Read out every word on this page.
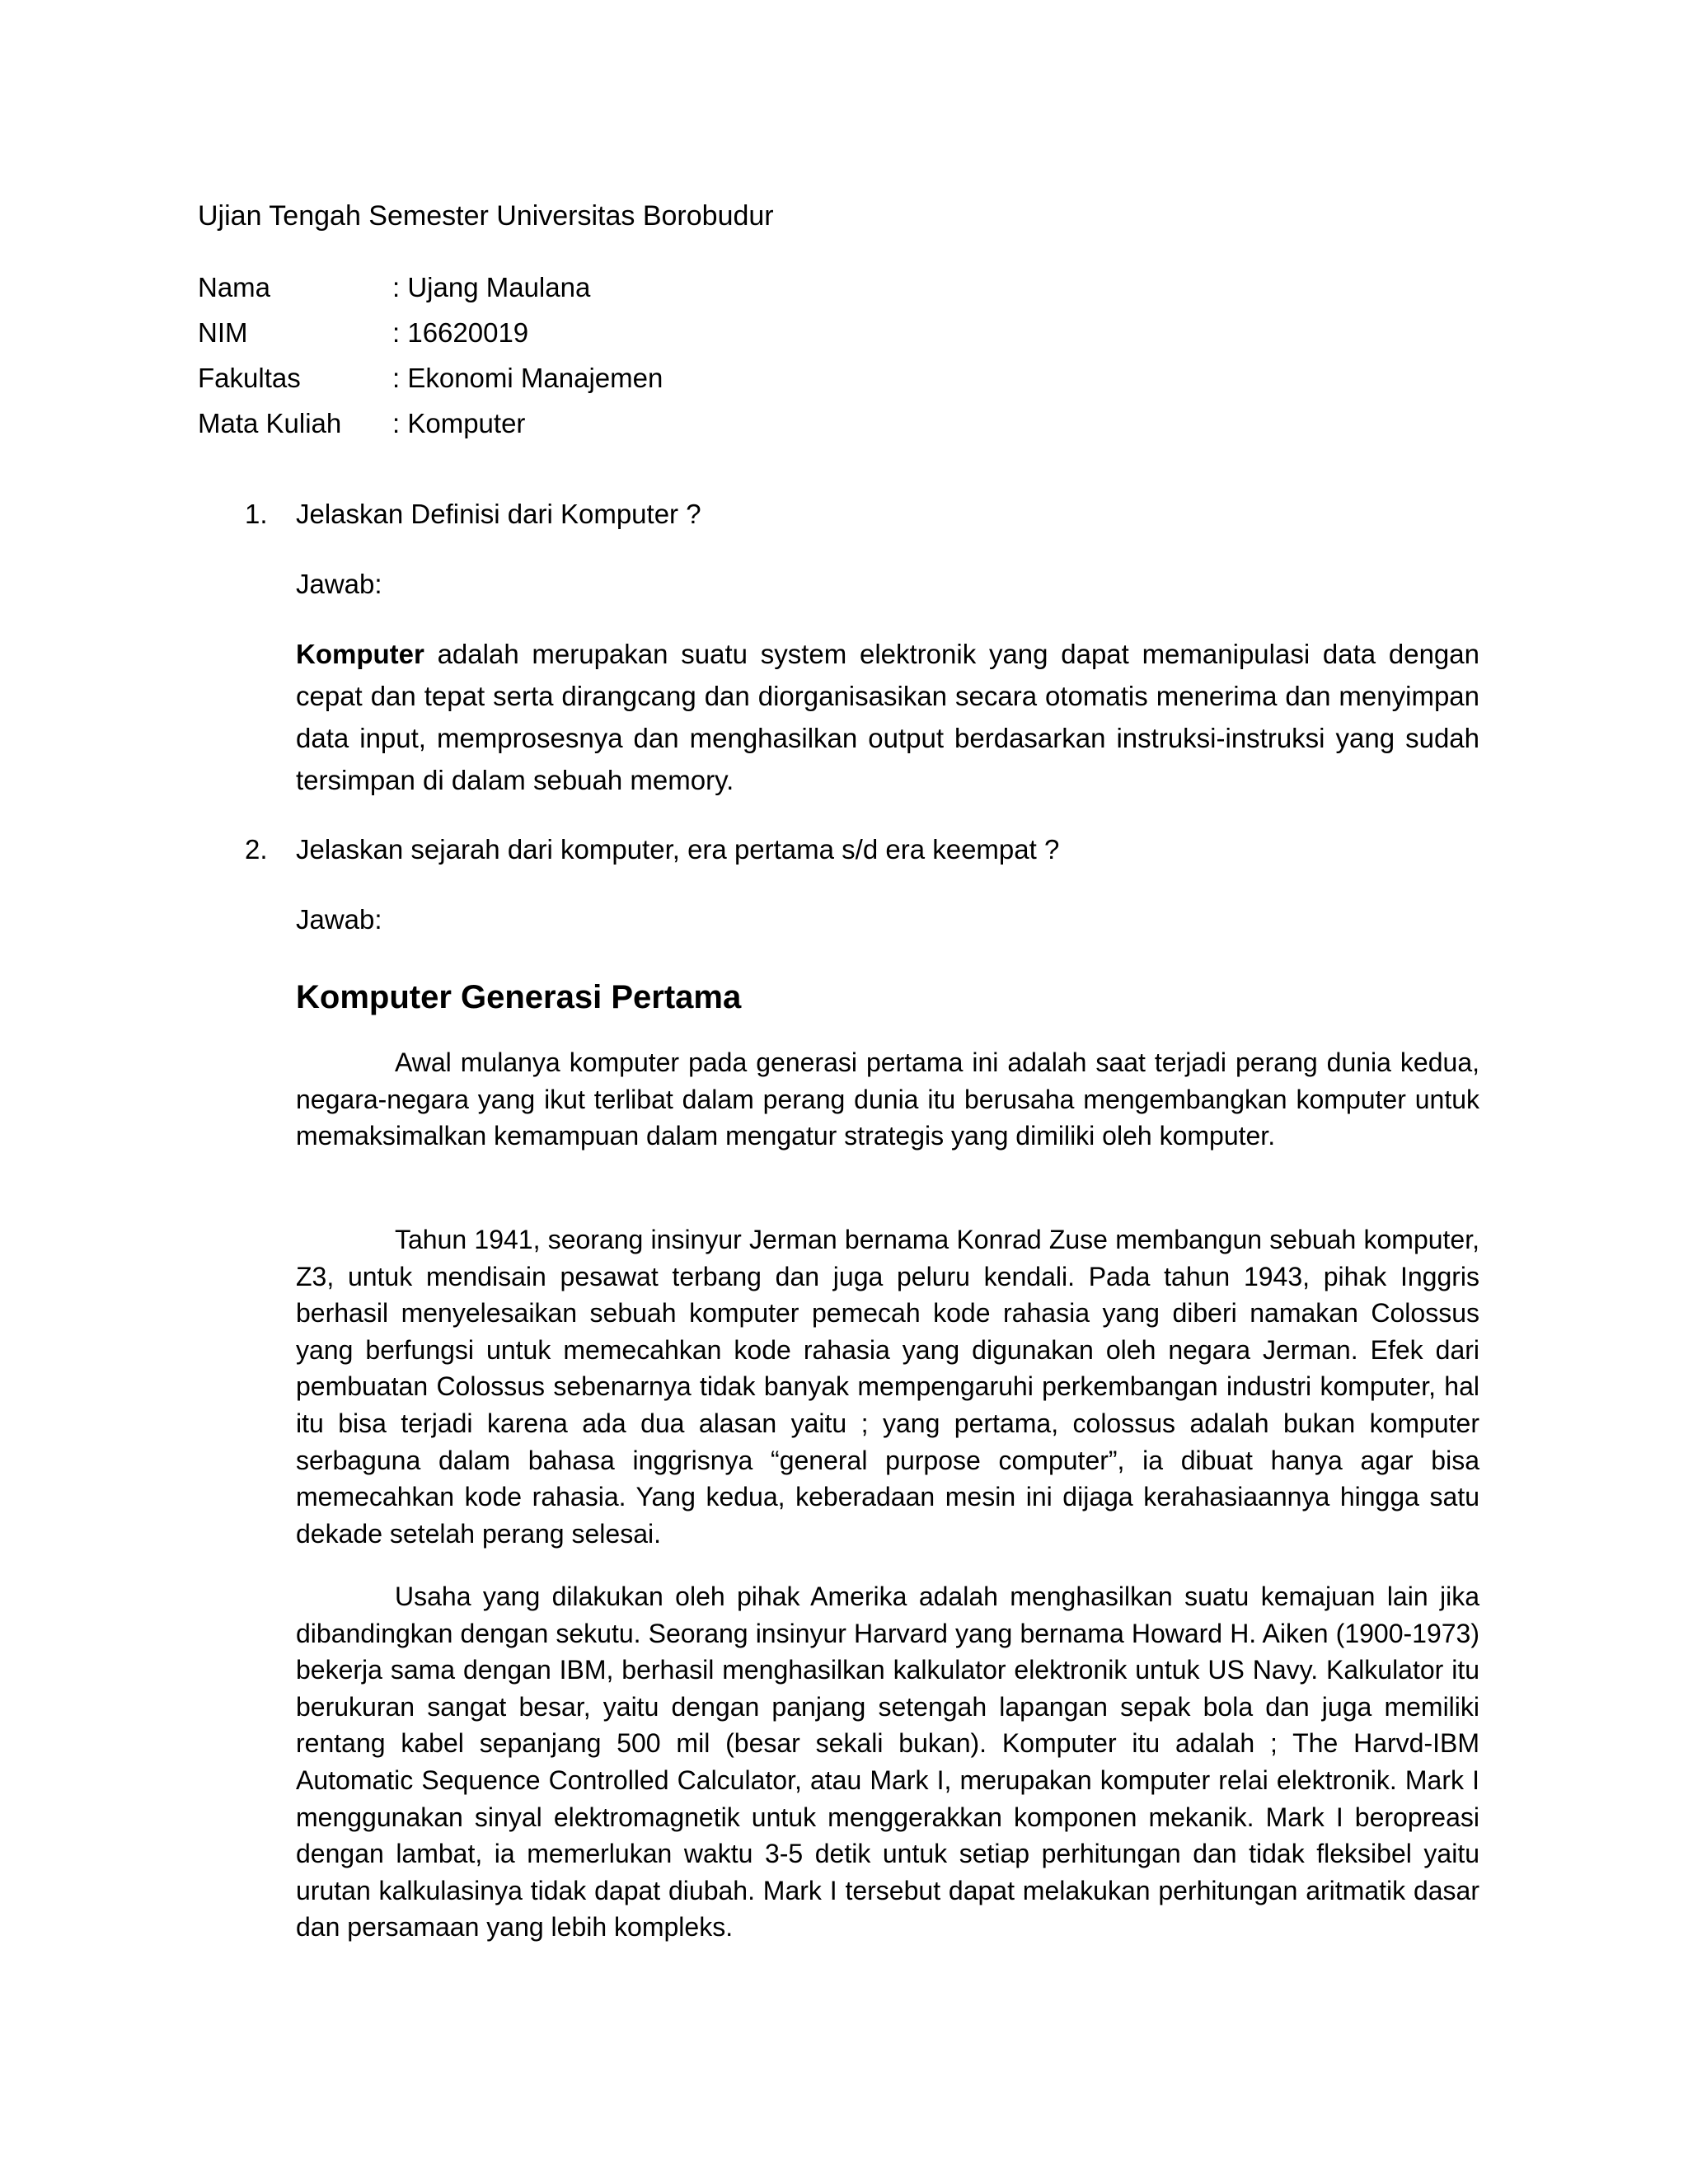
Ujian Tengah Semester Universitas Borobudur
Nama	: Ujang Maulana
NIM	: 16620019
Fakultas	: Ekonomi Manajemen
Mata Kuliah : Komputer
1. Jelaskan Definisi dari Komputer ?
Jawab:

Komputer adalah merupakan suatu system elektronik yang dapat memanipulasi data dengan cepat dan tepat serta dirangcang dan diorganisasikan secara otomatis menerima dan menyimpan data input, memprosesnya dan menghasilkan output berdasarkan instruksi-instruksi yang sudah tersimpan di dalam sebuah memory.

2. Jelaskan sejarah dari komputer, era pertama s/d era keempat ?
Jawab:
Komputer Generasi Pertama

Awal mulanya komputer pada generasi pertama ini adalah saat terjadi perang dunia kedua, negara-negara yang ikut terlibat dalam perang dunia itu berusaha mengembangkan komputer untuk memaksimalkan kemampuan dalam mengatur strategis yang dimiliki oleh komputer.

Tahun 1941, seorang insinyur Jerman bernama Konrad Zuse membangun sebuah komputer, Z3, untuk mendisain pesawat terbang dan juga peluru kendali. Pada tahun 1943, pihak Inggris berhasil menyelesaikan sebuah komputer pemecah kode rahasia yang diberi namakan Colossus yang berfungsi untuk memecahkan kode rahasia yang digunakan oleh negara Jerman. Efek dari pembuatan Colossus sebenarnya tidak banyak mempengaruhi perkembangan industri komputer, hal itu bisa terjadi karena ada dua alasan yaitu ; yang pertama, colossus adalah bukan komputer serbaguna dalam bahasa inggrisnya “general purpose computer”, ia dibuat hanya agar bisa memecahkan kode rahasia. Yang kedua, keberadaan mesin ini dijaga kerahasiaannya hingga satu dekade setelah perang selesai.

Usaha yang dilakukan oleh pihak Amerika adalah menghasilkan suatu kemajuan lain jika dibandingkan dengan sekutu. Seorang insinyur Harvard yang bernama Howard H. Aiken (1900-1973) bekerja sama dengan IBM, berhasil menghasilkan kalkulator elektronik untuk US Navy. Kalkulator itu berukuran sangat besar, yaitu dengan panjang setengah lapangan sepak bola dan juga memiliki rentang kabel sepanjang 500 mil (besar sekali bukan). Komputer itu adalah ; The Harvd-IBM Automatic Sequence Controlled Calculator, atau Mark I, merupakan komputer relai elektronik. Mark I menggunakan sinyal elektromagnetik untuk menggerakkan komponen mekanik. Mark I beropreasi dengan lambat, ia memerlukan waktu 3-5 detik untuk setiap perhitungan dan tidak fleksibel yaitu urutan kalkulasinya tidak dapat diubah. Mark I tersebut dapat melakukan perhitungan aritmatik dasar dan persamaan yang lebih kompleks.
